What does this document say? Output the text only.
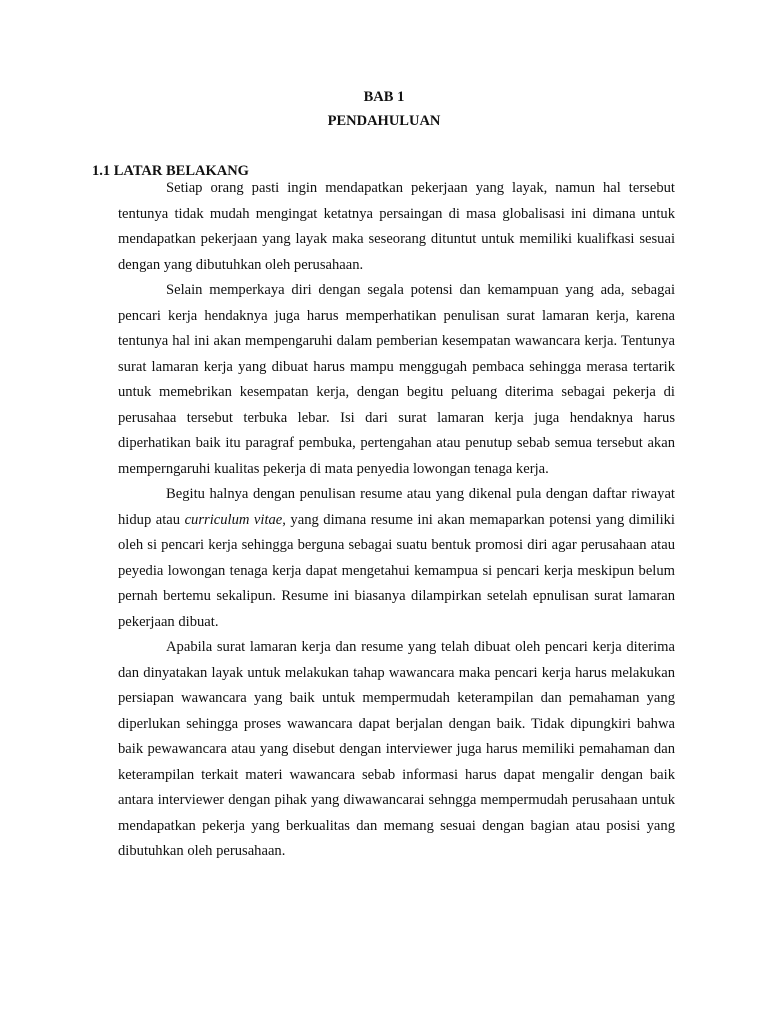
BAB 1
PENDAHULUAN
1.1 LATAR BELAKANG

Setiap orang pasti ingin mendapatkan pekerjaan yang layak, namun hal tersebut tentunya tidak mudah mengingat ketatnya persaingan di masa globalisasi ini dimana untuk mendapatkan pekerjaan yang layak maka seseorang dituntut untuk memiliki kualifkasi sesuai dengan yang dibutuhkan oleh perusahaan.

Selain memperkaya diri dengan segala potensi dan kemampuan yang ada, sebagai pencari kerja hendaknya juga harus memperhatikan penulisan surat lamaran kerja, karena tentunya hal ini akan mempengaruhi dalam pemberian kesempatan wawancara kerja. Tentunya surat lamaran kerja yang dibuat harus mampu menggugah pembaca sehingga merasa tertarik untuk memebrikan kesempatan kerja, dengan begitu peluang diterima sebagai pekerja di perusahaa tersebut terbuka lebar. Isi dari surat lamaran kerja juga hendaknya harus diperhatikan baik itu paragraf pembuka, pertengahan atau penutup sebab semua tersebut akan memperngaruhi kualitas pekerja di mata penyedia lowongan tenaga kerja.

Begitu halnya dengan penulisan resume atau yang dikenal pula dengan daftar riwayat hidup atau curriculum vitae, yang dimana resume ini akan memaparkan potensi yang dimiliki oleh si pencari kerja sehingga berguna sebagai suatu bentuk promosi diri agar perusahaan atau peyedia lowongan tenaga kerja dapat mengetahui kemampua si pencari kerja meskipun belum pernah bertemu sekalipun. Resume ini biasanya dilampirkan setelah epnulisan surat lamaran pekerjaan dibuat.

Apabila surat lamaran kerja dan resume yang telah dibuat oleh pencari kerja diterima dan dinyatakan layak untuk melakukan tahap wawancara maka pencari kerja harus melakukan persiapan wawancara yang baik untuk mempermudah keterampilan dan pemahaman yang diperlukan sehingga proses wawancara dapat berjalan dengan baik. Tidak dipungkiri bahwa baik pewawancara atau yang disebut dengan interviewer juga harus memiliki pemahaman dan keterampilan terkait materi wawancara sebab informasi harus dapat mengalir dengan baik antara interviewer dengan pihak yang diwawancarai sehngga mempermudah perusahaan untuk mendapatkan pekerja yang berkualitas dan memang sesuai dengan bagian atau posisi yang dibutuhkan oleh perusahaan.
